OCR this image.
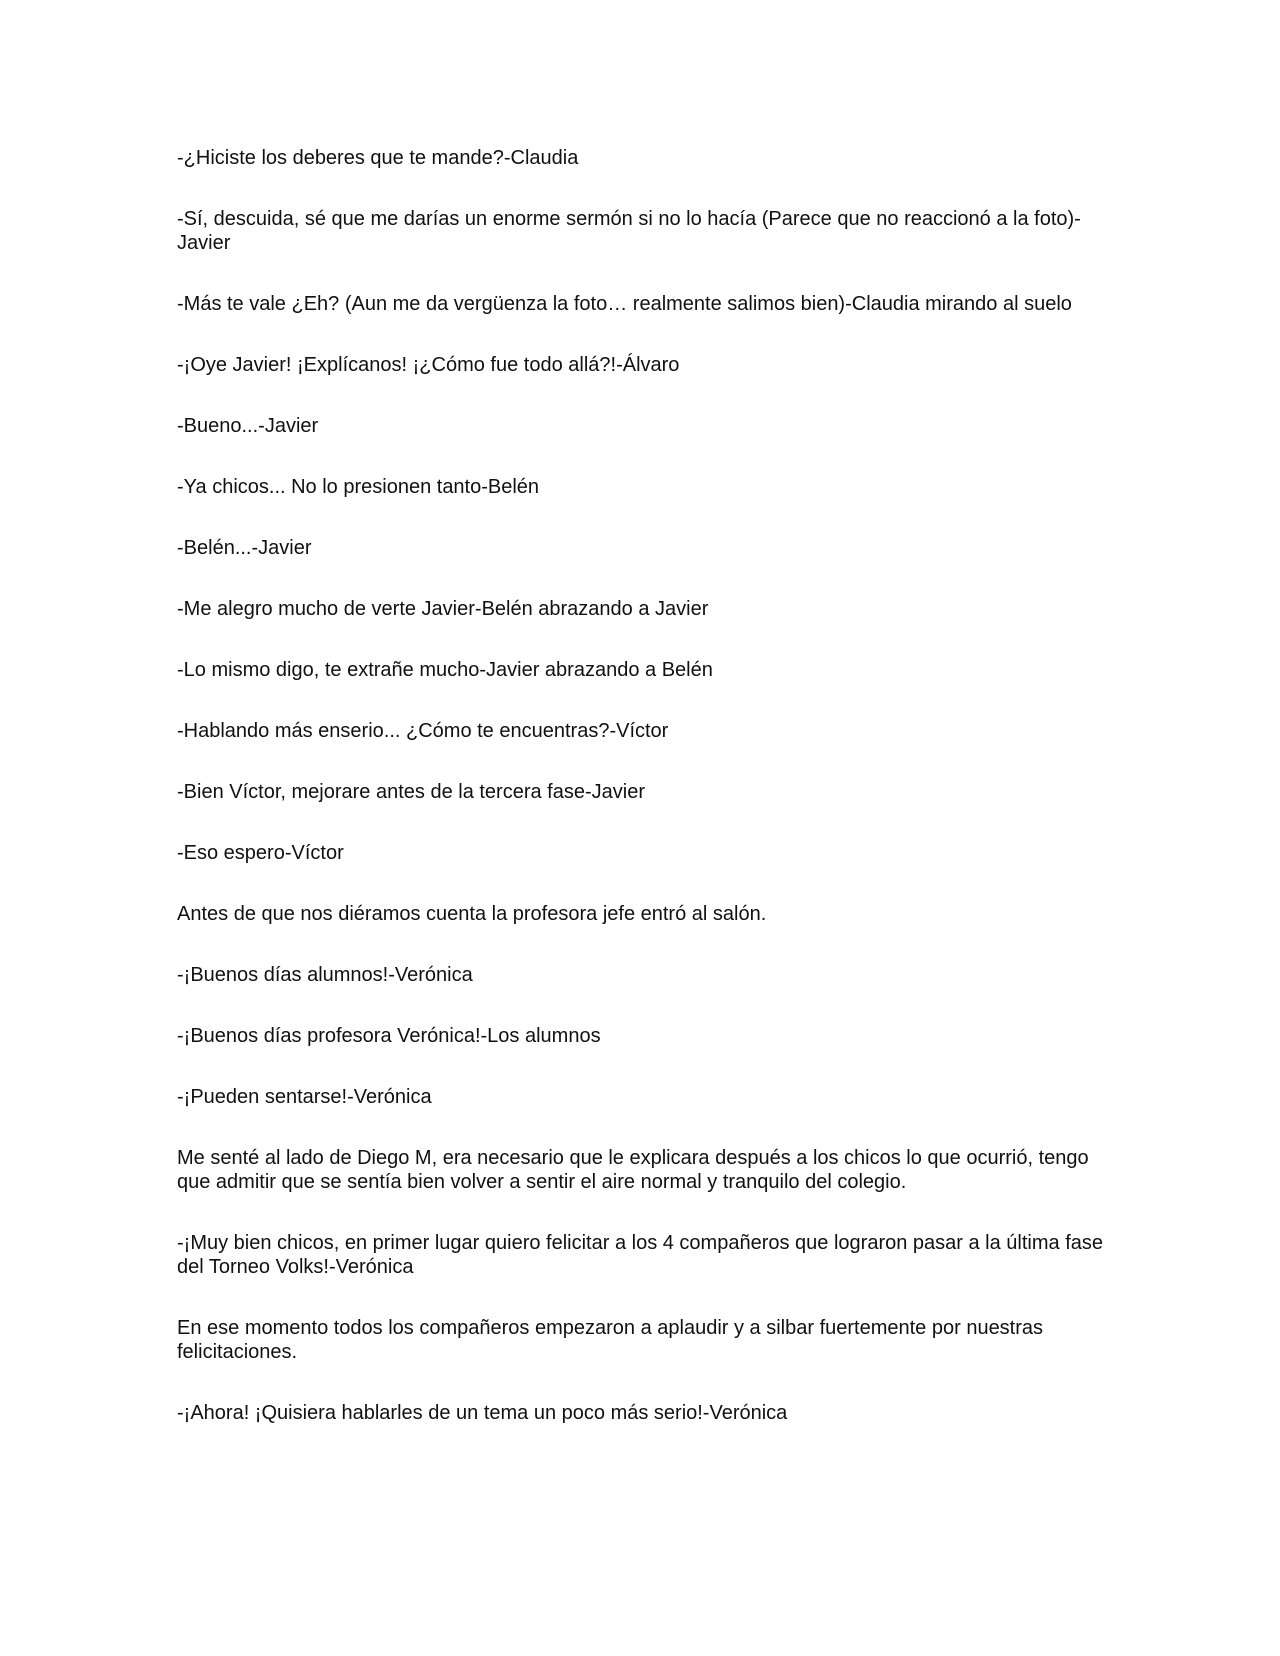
-¿Hiciste los deberes que te mande?-Claudia

-Sí, descuida, sé que me darías un enorme sermón si no lo hacía (Parece que no reaccionó a la foto)-Javier

-Más te vale ¿Eh? (Aun me da vergüenza la foto… realmente salimos bien)-Claudia mirando al suelo

-¡Oye Javier! ¡Explícanos! ¡¿Cómo fue todo allá?!-Álvaro

-Bueno...-Javier

-Ya chicos... No lo presionen tanto-Belén

-Belén...-Javier

-Me alegro mucho de verte Javier-Belén abrazando a Javier

-Lo mismo digo, te extrañe mucho-Javier abrazando a Belén

-Hablando más enserio... ¿Cómo te encuentras?-Víctor

-Bien Víctor, mejorare antes de la tercera fase-Javier

-Eso espero-Víctor

Antes de que nos diéramos cuenta la profesora jefe entró al salón.

-¡Buenos días alumnos!-Verónica

-¡Buenos días profesora Verónica!-Los alumnos

-¡Pueden sentarse!-Verónica

Me senté al lado de Diego M, era necesario que le explicara después a los chicos lo que ocurrió, tengo que admitir que se sentía bien volver a sentir el aire normal y tranquilo del colegio.

-¡Muy bien chicos, en primer lugar quiero felicitar a los 4 compañeros que lograron pasar a la última fase del Torneo Volks!-Verónica

En ese momento todos los compañeros empezaron a aplaudir y a silbar fuertemente por nuestras felicitaciones.

-¡Ahora! ¡Quisiera hablarles de un tema un poco más serio!-Verónica
